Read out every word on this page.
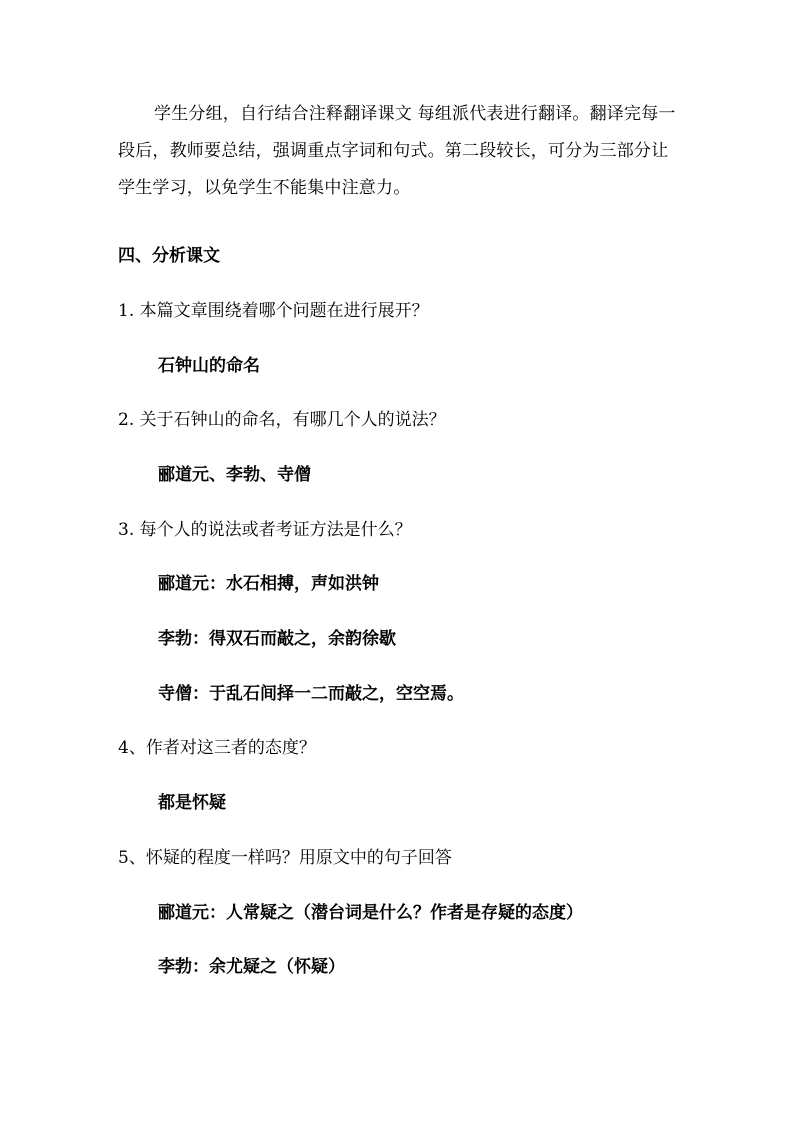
学生分组，自行结合注释翻译课文 每组派代表进行翻译。翻译完每一段后，教师要总结，强调重点字词和句式。第二段较长，可分为三部分让学生学习，以免学生不能集中注意力。

四、分析课文

1. 本篇文章围绕着哪个问题在进行展开？

石钟山的命名

2. 关于石钟山的命名，有哪几个人的说法？

郦道元、李勃、寺僧

3. 每个人的说法或者考证方法是什么？

郦道元：水石相搏，声如洪钟

李勃：得双石而敲之，余韵徐歇

寺僧：于乱石间择一二而敲之，空空焉。

4、作者对这三者的态度？

都是怀疑

5、怀疑的程度一样吗？用原文中的句子回答

郦道元：人常疑之（潜台词是什么？作者是存疑的态度）

李勃：余尤疑之（怀疑）
